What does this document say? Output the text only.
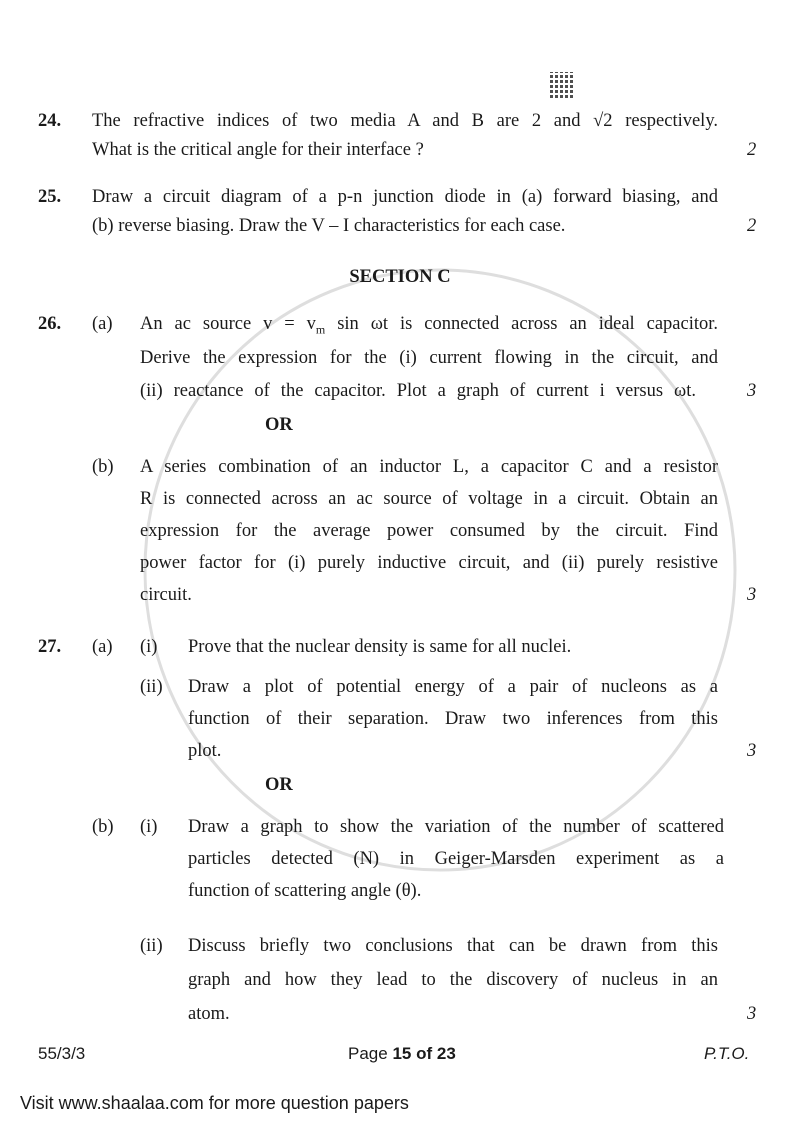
24. The refractive indices of two media A and B are 2 and √2 respectively.
What is the critical angle for their interface ?	2
25. Draw a circuit diagram of a p-n junction diode in (a) forward biasing, and
(b) reverse biasing. Draw the V – I characteristics for each case.	2
SECTION C
26. (a) An ac source $v = v_m$ sin ωt is connected across an ideal capacitor.
Derive the expression for the (i) current flowing in the circuit, and
(ii) reactance of the capacitor. Plot a graph of current i versus ωt.	3
OR
(b) A series combination of an inductor L, a capacitor C and a resistor
R is connected across an ac source of voltage in a circuit. Obtain an
expression for the average power consumed by the circuit. Find
power factor for (i) purely inductive circuit, and (ii) purely resistive
circuit.	3
27. (a) (i) Prove that the nuclear density is same for all nuclei.
(ii) Draw a plot of potential energy of a pair of nucleons as a
function of their separation. Draw two inferences from this
plot.	3
OR
(b) (i) Draw a graph to show the variation of the number of scattered
particles detected (N) in Geiger-Marsden experiment as a
function of scattering angle (θ).
(ii) Discuss briefly two conclusions that can be drawn from this
graph and how they lead to the discovery of nucleus in an
atom.	3
55/3/3	Page 15 of 23	P.T.O.
Visit www.shaalaa.com for more question papers
